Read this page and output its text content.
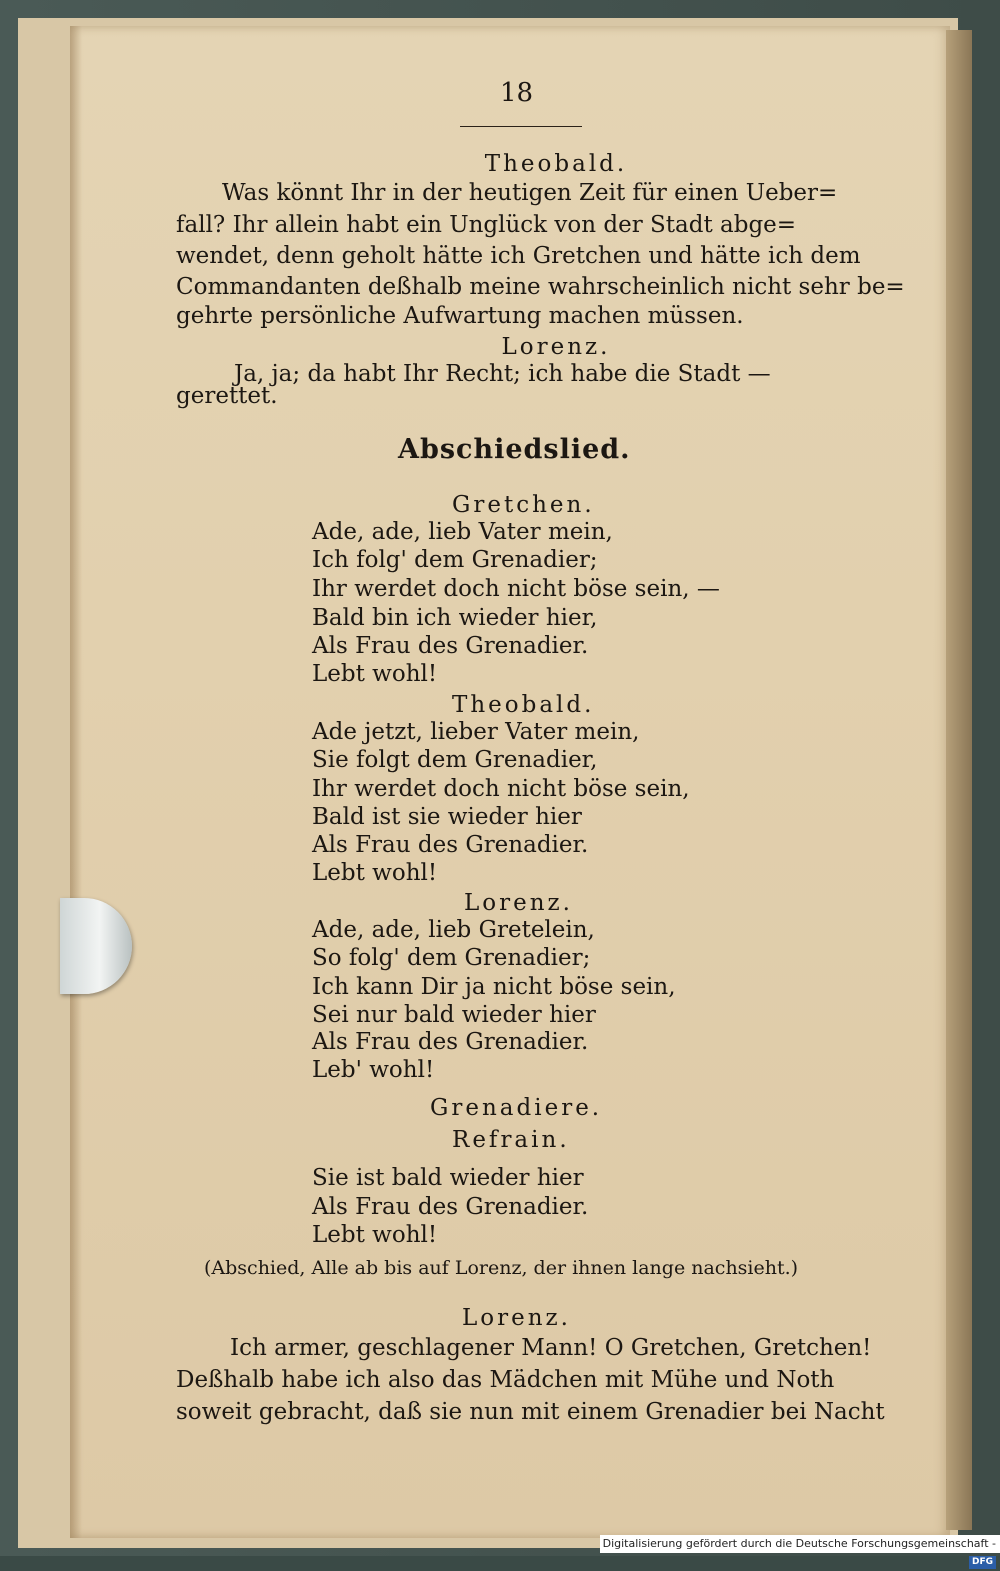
18
Theobald.
Was könnt Ihr in der heutigen Zeit für einen Ueber=
fall? Ihr allein habt ein Unglück von der Stadt abge=
wendet, denn geholt hätte ich Gretchen und hätte ich dem
Commandanten deßhalb meine wahrscheinlich nicht sehr be=
gehrte persönliche Aufwartung machen müssen.
Lorenz.
Ja, ja; da habt Ihr Recht; ich habe die Stadt —
gerettet.
Abschiedslied.
Gretchen.
Ade, ade, lieb Vater mein,
Ich folg' dem Grenadier;
Ihr werdet doch nicht böse sein, —
Bald bin ich wieder hier,
Als Frau des Grenadier.
Lebt wohl!
Theobald.
Ade jetzt, lieber Vater mein,
Sie folgt dem Grenadier,
Ihr werdet doch nicht böse sein,
Bald ist sie wieder hier
Als Frau des Grenadier.
Lebt wohl!
Lorenz.
Ade, ade, lieb Gretelein,
So folg' dem Grenadier;
Ich kann Dir ja nicht böse sein,
Sei nur bald wieder hier
Als Frau des Grenadier.
Leb' wohl!
Grenadiere.
Refrain.
Sie ist bald wieder hier
Als Frau des Grenadier.
Lebt wohl!
(Abschied, Alle ab bis auf Lorenz, der ihnen lange nachsieht.)
Lorenz.
Ich armer, geschlagener Mann! O Gretchen, Gretchen!
Deßhalb habe ich also das Mädchen mit Mühe und Noth
soweit gebracht, daß sie nun mit einem Grenadier bei Nacht
Digitalisierung gefördert durch die Deutsche Forschungsgemeinschaft -DFG
